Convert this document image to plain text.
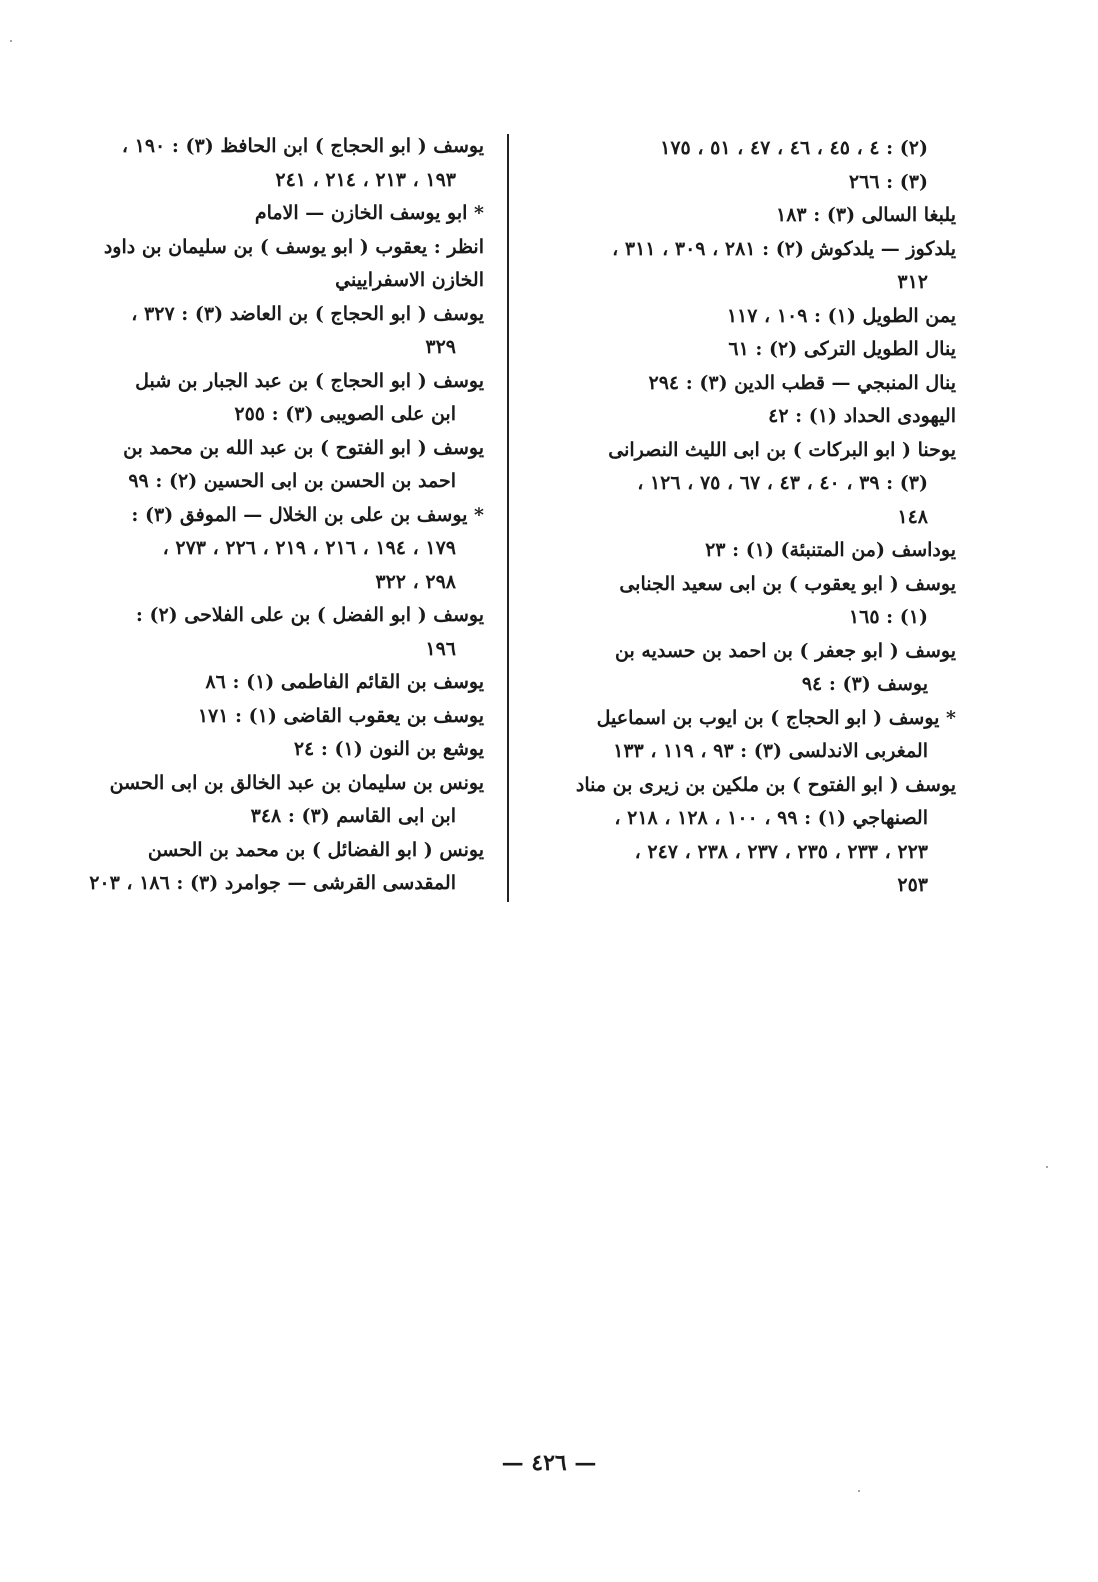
(٢) : ٤ ، ٤٥ ، ٤٦ ، ٤٧ ، ٥١ ، ١٧٥
(٣) : ٢٦٦
يلبغا السالى (٣) : ١٨٣
يلدكوز — يلدكوش (٢) : ٢٨١ ، ٣٠٩ ، ٣١١ ،
٣١٢
يمن الطويل (١) : ١٠٩ ، ١١٧
ينال الطويل التركى (٢) : ٦١
ينال المنبجي — قطب الدين (٣) : ٢٩٤
اليهودى الحداد (١) : ٤٢
يوحنا ( ابو البركات ) بن ابى الليث النصرانى
(٣) : ٣٩ ، ٤٠ ، ٤٣ ، ٦٧ ، ٧٥ ، ١٢٦ ،
١٤٨
يوداسف (من المتنبئة) (١) : ٢٣
يوسف ( ابو يعقوب ) بن ابى سعيد الجنابى
(١) : ١٦٥
يوسف ( ابو جعفر ) بن احمد بن حسديه بن
يوسف (٣) : ٩٤
* يوسف ( ابو الحجاج ) بن ايوب بن اسماعيل
المغربى الاندلسى (٣) : ٩٣ ، ١١٩ ، ١٣٣
يوسف ( ابو الفتوح ) بن ملكين بن زيرى بن مناد
الصنهاجي (١) : ٩٩ ، ١٠٠ ، ١٢٨ ، ٢١٨ ،
٢٢٣ ، ٢٣٣ ، ٢٣٥ ، ٢٣٧ ، ٢٣٨ ، ٢٤٧ ،
٢٥٣
يوسف ( ابو الحجاج ) ابن الحافظ (٣) : ١٩٠ ،
١٩٣ ، ٢١٣ ، ٢١٤ ، ٢٤١
* ابو يوسف الخازن — الامام
انظر : يعقوب ( ابو يوسف ) بن سليمان بن داود
الخازن الاسفراييني
يوسف ( ابو الحجاج ) بن العاضد (٣) : ٣٢٧ ،
٣٢٩
يوسف ( ابو الحجاج ) بن عبد الجبار بن شبل
ابن على الصويبى (٣) : ٢٥٥
يوسف ( ابو الفتوح ) بن عبد الله بن محمد بن
احمد بن الحسن بن ابى الحسين (٢) : ٩٩
* يوسف بن على بن الخلال — الموفق (٣) :
١٧٩ ، ١٩٤ ، ٢١٦ ، ٢١٩ ، ٢٢٦ ، ٢٧٣ ،
٢٩٨ ، ٣٢٢
يوسف ( ابو الفضل ) بن على الفلاحى (٢) :
١٩٦
يوسف بن القائم الفاطمى (١) : ٨٦
يوسف بن يعقوب القاضى (١) : ١٧١
يوشع بن النون (١) : ٢٤
يونس بن سليمان بن عبد الخالق بن ابى الحسن
ابن ابى القاسم (٣) : ٣٤٨
يونس ( ابو الفضائل ) بن محمد بن الحسن
المقدسى القرشى — جوامرد (٣) : ١٨٦ ، ٢٠٣
— ٤٢٦ —
